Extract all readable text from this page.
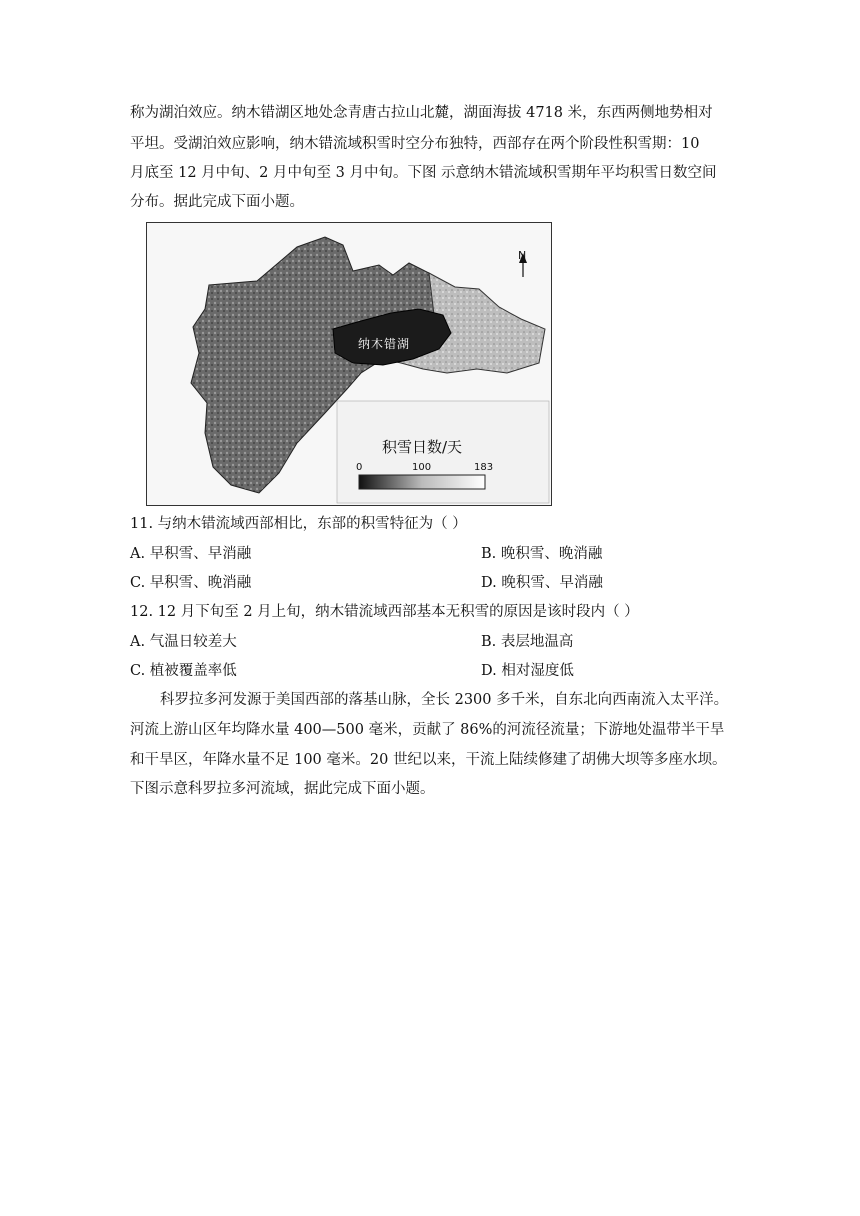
称为湖泊效应。纳木错湖区地处念青唐古拉山北麓，湖面海拔 4718 米，东西两侧地势相对
平坦。受湖泊效应影响，纳木错流域积雪时空分布独特，西部存在两个阶段性积雪期：10
月底至 12 月中旬、2 月中旬至 3 月中旬。下图 示意纳木错流域积雪期年平均积雪日数空间
分布。据此完成下面小题。
N
纳木错湖
积雪日数/天
0	100	183
11. 与纳木错流域西部相比，东部的积雪特征为（ ）
A. 早积雪、早消融	B. 晚积雪、晚消融
C. 早积雪、晚消融	D. 晚积雪、早消融
12. 12 月下旬至 2 月上旬，纳木错流域西部基本无积雪的原因是该时段内（ ）
A. 气温日较差大	B. 表层地温高
C. 植被覆盖率低	D. 相对湿度低
科罗拉多河发源于美国西部的落基山脉，全长 2300 多千米，自东北向西南流入太平洋。
河流上游山区年均降水量 400—500 毫米，贡献了 86%的河流径流量；下游地处温带半干旱
和干旱区，年降水量不足 100 毫米。20 世纪以来，干流上陆续修建了胡佛大坝等多座水坝。
下图示意科罗拉多河流域，据此完成下面小题。
